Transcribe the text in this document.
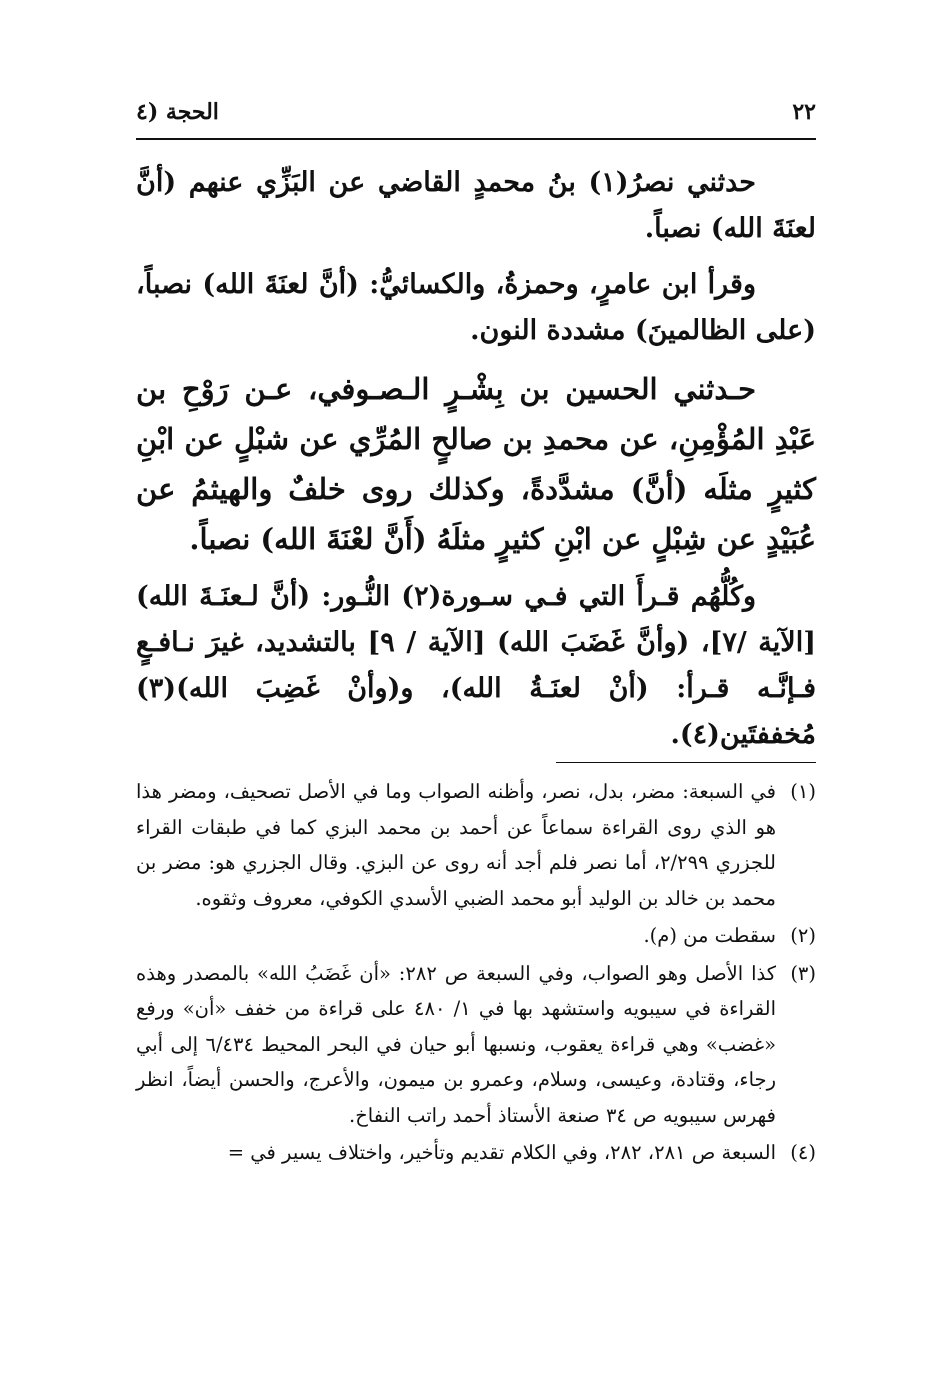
٢٢
الحجة (٤

حدثني نصرُ(١) بنُ محمدٍ القاضي عن البَزِّي عنهم (أنَّ لعنَةَ الله) نصباً.

وقرأ ابن عامرٍ، وحمزةُ، والكسائيُّ: (أنَّ لعنَةَ الله) نصباً، (على الظالمينَ) مشددة النون.

حـدثني الحسين بن بِشْـرٍ الـصـوفي، عـن رَوْحِ بن عَبْدِ المُؤْمِنِ، عن محمدِ بن صالحٍ المُرِّي عن شبْلٍ عن ابْنِ كثيرٍ مثلَه (أنَّ) مشدَّدةً، وكذلك روى خلفٌ والهيثمُ عن عُبَيْدٍ عن شِبْلٍ عن ابْنِ كثيرٍ مثلَهُ (أَنَّ لعْنَةَ الله) نصباً.

وكُلُّهُم قـرأَ التي فـي سـورة(٢) النُّـور: (أنَّ لـعنَـةَ الله) [الآية /٧]، (وأنَّ غَضَبَ الله) [الآية / ٩] بالتشديد، غيرَ نـافـعٍ فـإنَّـه قـرأ: (أنْ لعنَـةُ الله)، و(وأنْ غَضِبَ الله)(٣) مُخففتَين(٤).

(١)في السبعة: مضر، بدل، نصر، وأظنه الصواب وما في الأصل تصحيف، ومضر هذا هو الذي روى القراءة سماعاً عن أحمد بن محمد البزي كما في طبقات القراء للجزري ٢/٢٩٩، أما نصر فلم أجد أنه روى عن البزي. وقال الجزري هو: مضر بن محمد بن خالد بن الوليد أبو محمد الضبي الأسدي الكوفي، معروف وثقوه.

(٢)سقطت من (م).

(٣)كذا الأصل وهو الصواب، وفي السبعة ص ٢٨٢: «أن غَضَبُ الله» بالمصدر وهذه القراءة في سيبويه واستشهد بها في ١/ ٤٨٠ على قراءة من خفف «أن» ورفع «غضب» وهي قراءة يعقوب، ونسبها أبو حيان في البحر المحيط ٦/٤٣٤ إلى أبي رجاء، وقتادة، وعيسى، وسلام، وعمرو بن ميمون، والأعرج، والحسن أيضاً، انظر فهرس سيبويه ص ٣٤ صنعة الأستاذ أحمد راتب النفاخ.

(٤)السبعة ص ٢٨١، ٢٨٢، وفي الكلام تقديم وتأخير، واختلاف يسير في =
